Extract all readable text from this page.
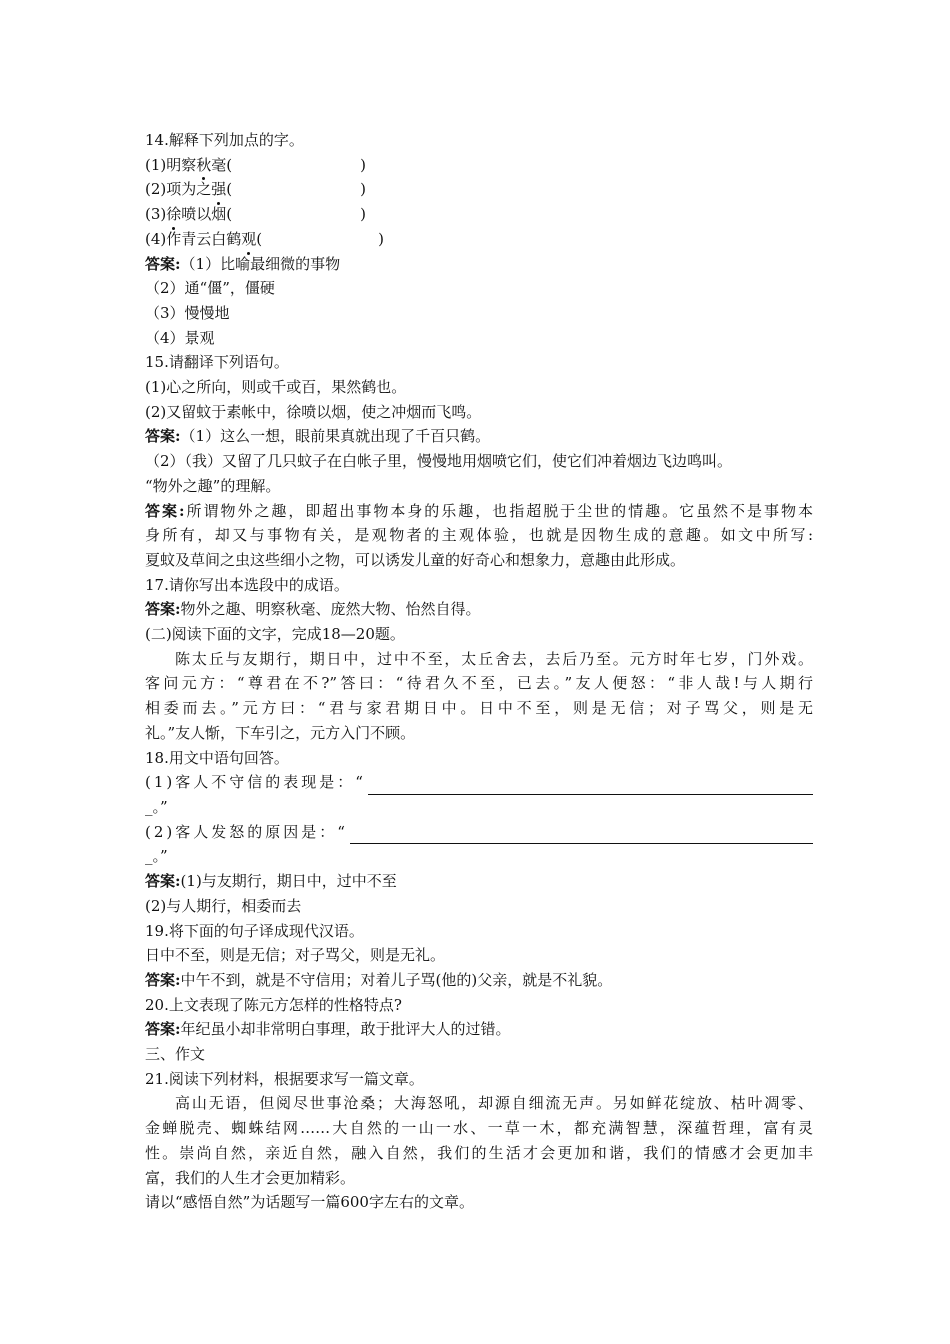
14.解释下列加点的字。
(1)明察秋毫(	)
(2)项为之强(	)
(3)徐喷以烟(	)
(4)作青云白鹤观(	)
答案:（1）比喻最细微的事物
（2）通“僵”，僵硬
（3）慢慢地
（4）景观
15.请翻译下列语句。
(1)心之所向，则或千或百，果然鹤也。
(2)又留蚊于素帐中，徐喷以烟，使之冲烟而飞鸣。
答案:（1）这么一想，眼前果真就出现了千百只鹤。
（2）（我）又留了几只蚊子在白帐子里，慢慢地用烟喷它们，使它们冲着烟边飞边鸣叫。
“物外之趣”的理解。
答案:所谓物外之趣，即超出事物本身的乐趣，也指超脱于尘世的情趣。它虽然不是事物本
身所有，却又与事物有关，是观物者的主观体验，也就是因物生成的意趣。如文中所写:
夏蚊及草间之虫这些细小之物，可以诱发儿童的好奇心和想象力，意趣由此形成。
17.请你写出本选段中的成语。
答案:物外之趣、明察秋毫、庞然大物、怡然自得。
(二)阅读下面的文字，完成18—20题。
陈太丘与友期行，期日中，过中不至，太丘舍去，去后乃至。元方时年七岁，门外戏。
客问元方：“尊君在不?”答曰：“待君久不至，已去。”友人便怒：“非人哉!与人期行
相委而去。”元方曰：“君与家君期日中。日中不至，则是无信；对子骂父，则是无
礼。”友人惭，下车引之，元方入门不顾。
18.用文中语句回答。
(1)客人不守信的表现是：“
_。”
(2)客人发怒的原因是：“
_。”
答案:(1)与友期行，期日中，过中不至
(2)与人期行，相委而去
19.将下面的句子译成现代汉语。
日中不至，则是无信；对子骂父，则是无礼。
答案:中午不到，就是不守信用；对着儿子骂(他的)父亲，就是不礼貌。
20.上文表现了陈元方怎样的性格特点?
答案:年纪虽小却非常明白事理，敢于批评大人的过错。
三、作文
21.阅读下列材料，根据要求写一篇文章。
高山无语，但阅尽世事沧桑；大海怒吼，却源自细流无声。另如鲜花绽放、枯叶凋零、
金蝉脱壳、蜘蛛结网……大自然的一山一水、一草一木，都充满智慧，深蕴哲理，富有灵
性。崇尚自然，亲近自然，融入自然，我们的生活才会更加和谐，我们的情感才会更加丰
富，我们的人生才会更加精彩。
请以“感悟自然”为话题写一篇600字左右的文章。
